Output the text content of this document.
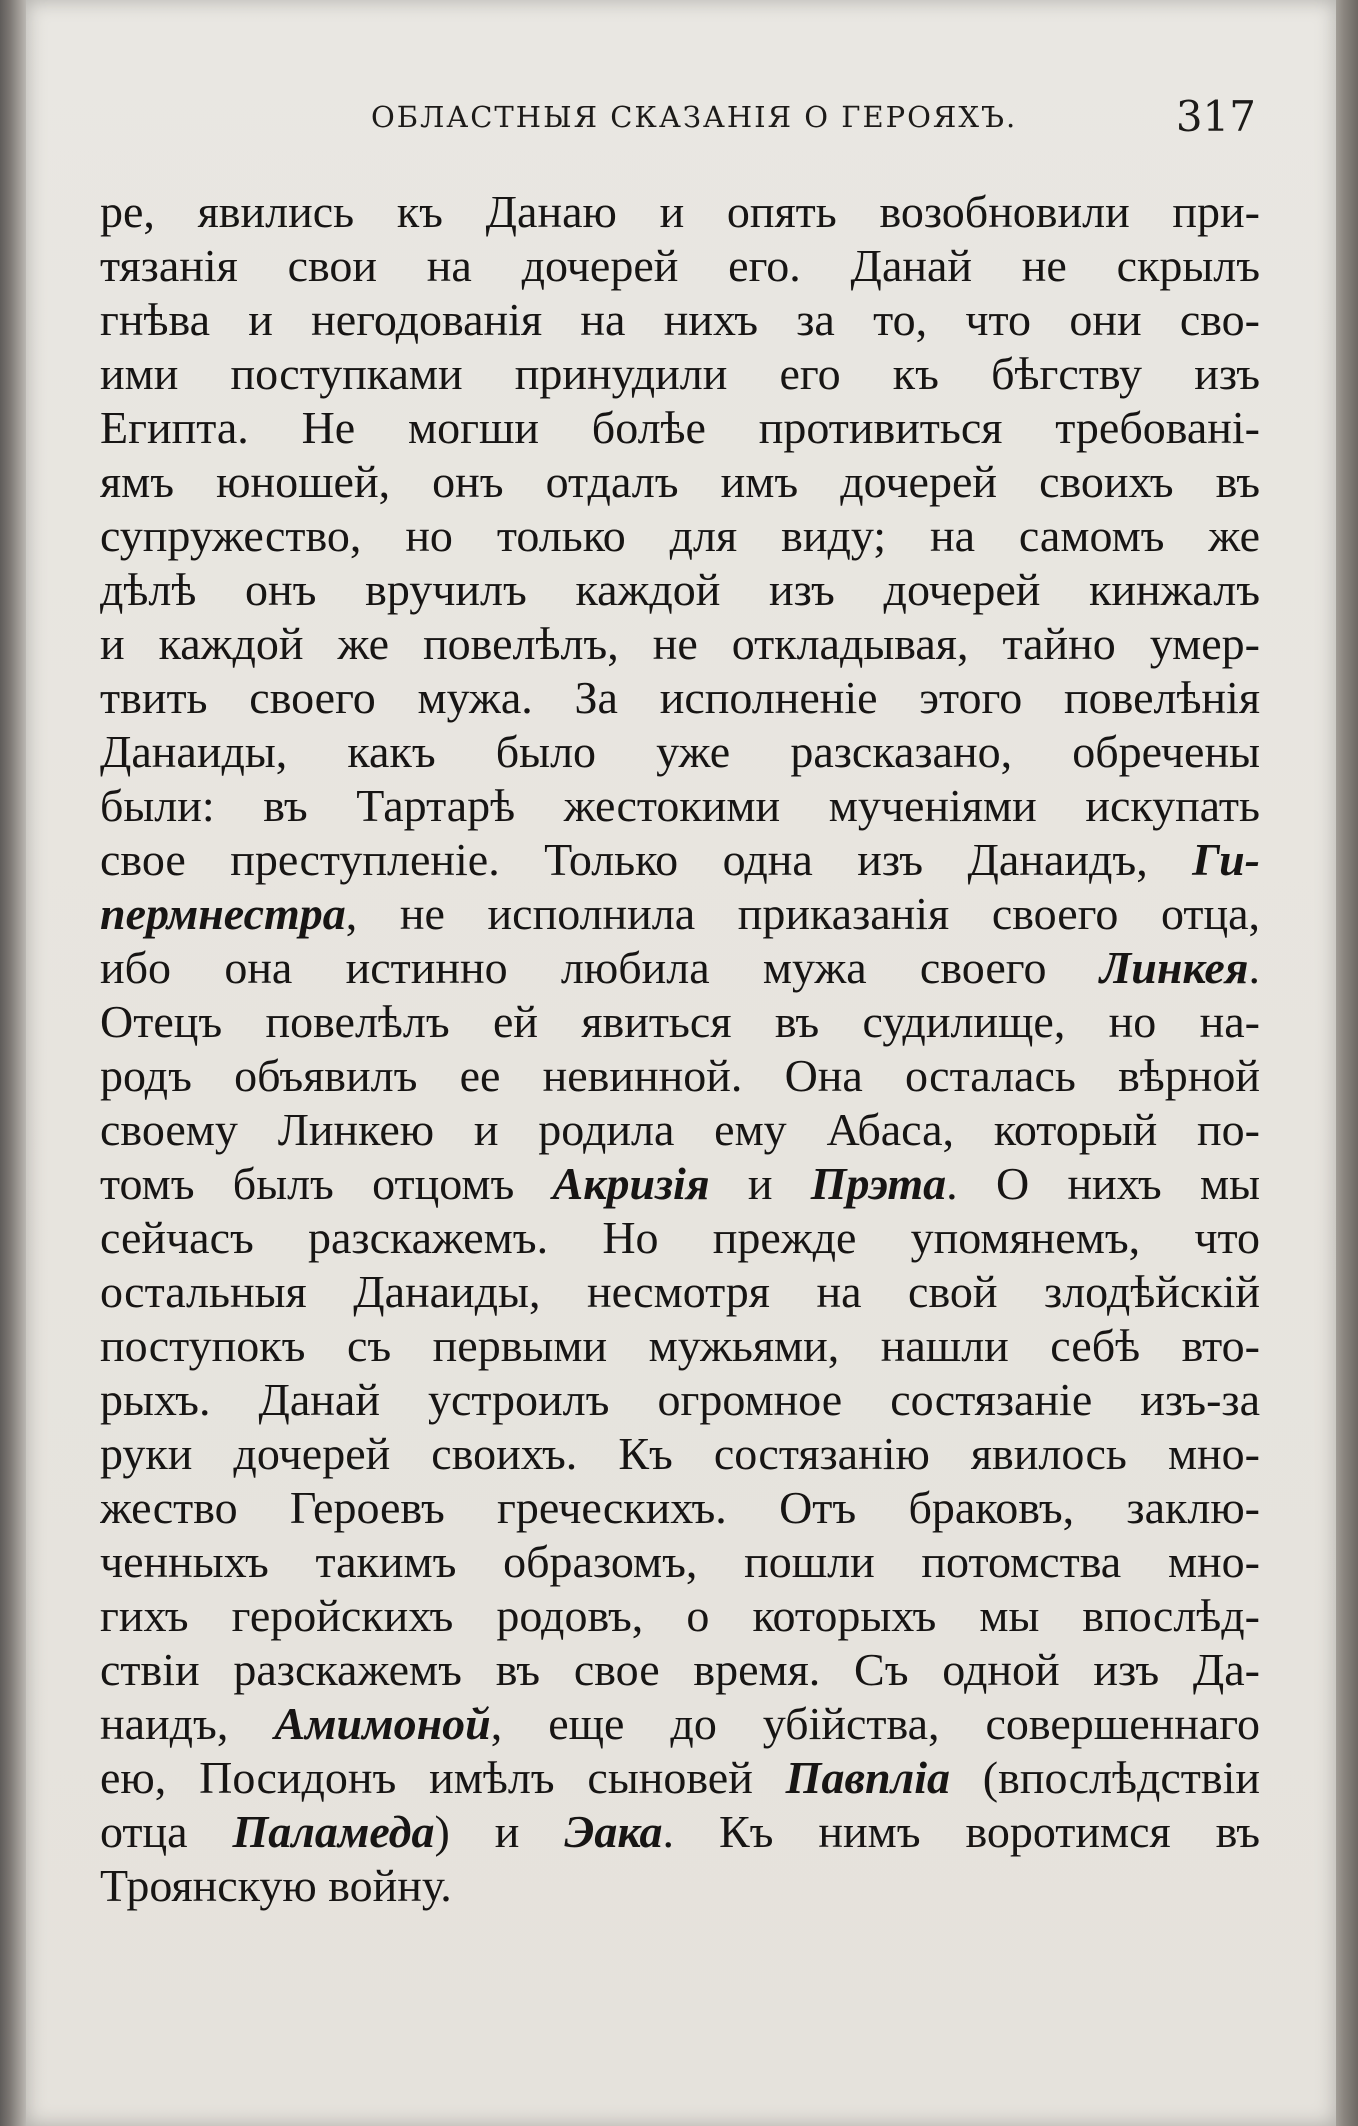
ОБЛАСТНЫЯ СКАЗАНІЯ О ГЕРОЯХЪ.	317
ре, явились къ Данаю и опять возобновили при-
тязанія свои на дочерей его. Данай не скрылъ
гнѣва и негодованія на нихъ за то, что они сво-
ими поступками принудили его къ бѣгству изъ
Египта. Не могши болѣе противиться требовані-
ямъ юношей, онъ отдалъ имъ дочерей своихъ въ
супружество, но только для виду; на самомъ же
дѣлѣ онъ вручилъ каждой изъ дочерей кинжалъ
и каждой же повелѣлъ, не откладывая, тайно умер-
твить своего мужа. За исполненіе этого повелѣнія
Данаиды, какъ было уже разсказано, обречены
были: въ Тартарѣ жестокими мученіями искупать
свое преступленіе. Только одна изъ Данаидъ, Ги-
пермнестра, не исполнила приказанія своего отца,
ибо она истинно любила мужа своего Линкея.
Отецъ повелѣлъ ей явиться въ судилище, но на-
родъ объявилъ ее невинной. Она осталась вѣрной
своему Линкею и родила ему Абаса, который по-
томъ былъ отцомъ Акризія и Прэта. О нихъ мы
сейчасъ разскажемъ. Но прежде упомянемъ, что
остальныя Данаиды, несмотря на свой злодѣйскій
поступокъ съ первыми мужьями, нашли себѣ вто-
рыхъ. Данай устроилъ огромное состязаніе изъ-за
руки дочерей своихъ. Къ состязанію явилось мно-
жество Героевъ греческихъ. Отъ браковъ, заклю-
ченныхъ такимъ образомъ, пошли потомства мно-
гихъ геройскихъ родовъ, о которыхъ мы впослѣд-
ствіи разскажемъ въ свое время. Съ одной изъ Да-
наидъ, Амимоной, еще до убійства, совершеннаго
ею, Посидонъ имѣлъ сыновей Павпліа (впослѣдствіи
отца Паламеда) и Эака. Къ нимъ воротимся въ
Троянскую войну.
